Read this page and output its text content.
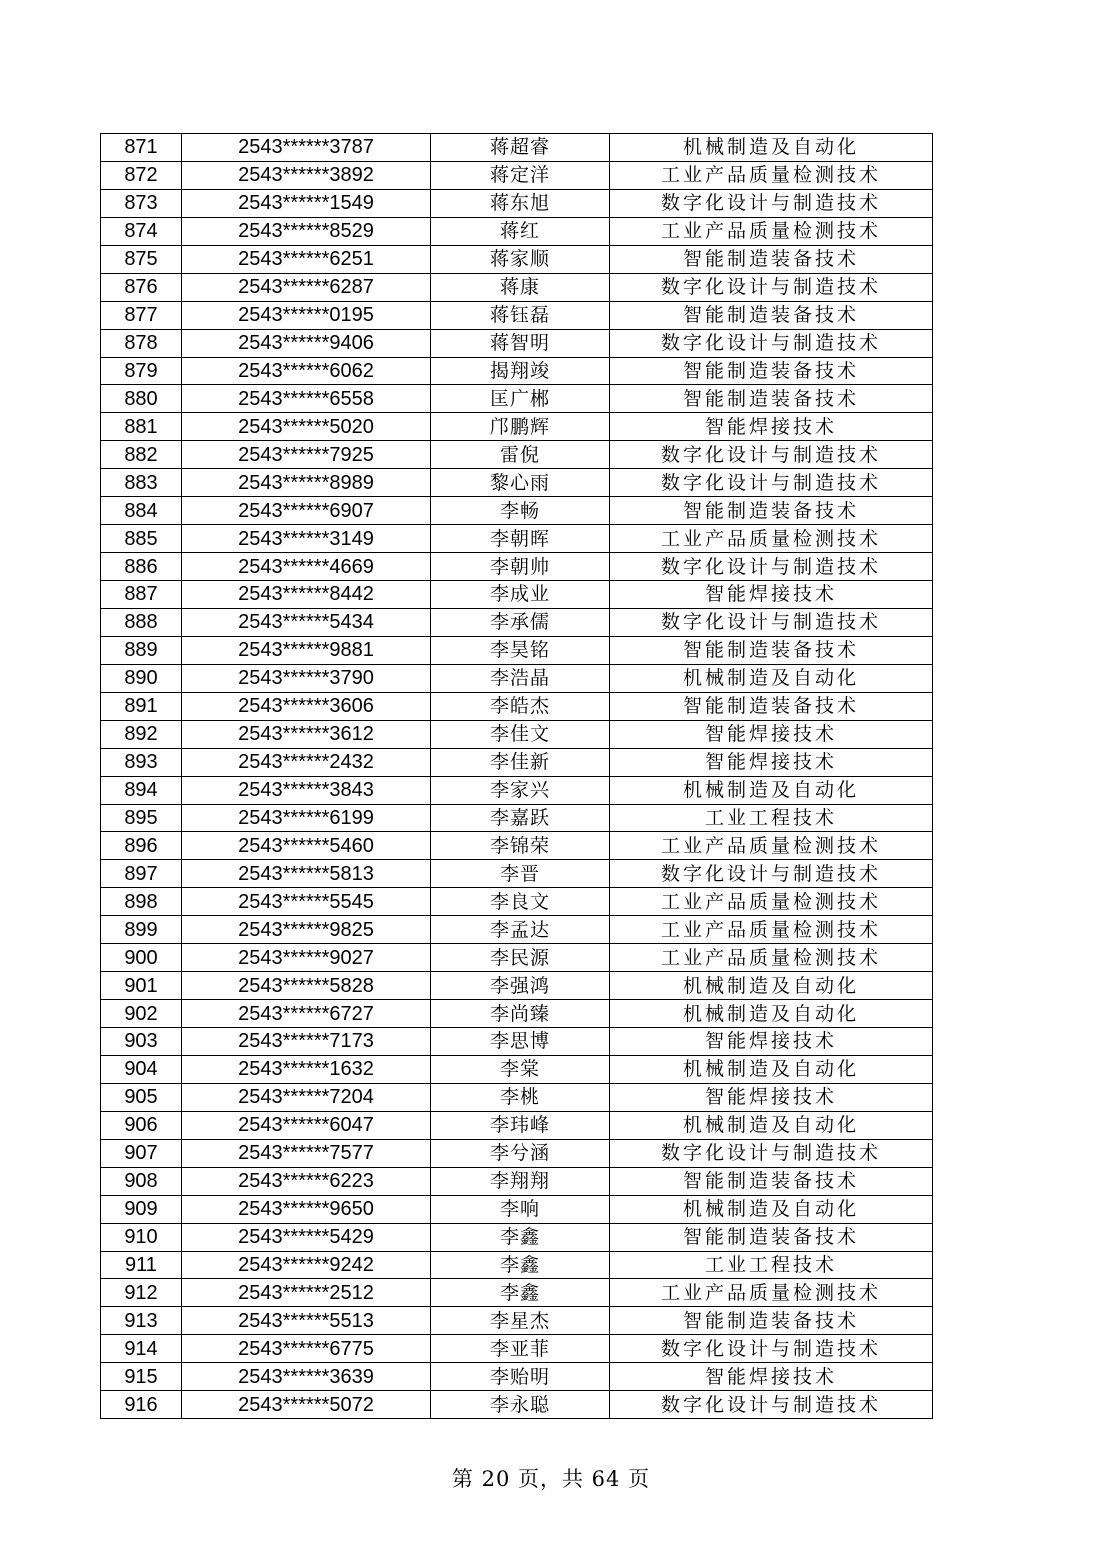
871	2543******3787	蒋超睿	机械制造及自动化
872	2543******3892	蒋定洋	工业产品质量检测技术
873	2543******1549	蒋东旭	数字化设计与制造技术
874	2543******8529	蒋红	工业产品质量检测技术
875	2543******6251	蒋家顺	智能制造装备技术
876	2543******6287	蒋康	数字化设计与制造技术
877	2543******0195	蒋钰磊	智能制造装备技术
878	2543******9406	蒋智明	数字化设计与制造技术
879	2543******6062	揭翔竣	智能制造装备技术
880	2543******6558	匡广郴	智能制造装备技术
881	2543******5020	邝鹏辉	智能焊接技术
882	2543******7925	雷倪	数字化设计与制造技术
883	2543******8989	黎心雨	数字化设计与制造技术
884	2543******6907	李畅	智能制造装备技术
885	2543******3149	李朝晖	工业产品质量检测技术
886	2543******4669	李朝帅	数字化设计与制造技术
887	2543******8442	李成业	智能焊接技术
888	2543******5434	李承儒	数字化设计与制造技术
889	2543******9881	李昊铭	智能制造装备技术
890	2543******3790	李浩晶	机械制造及自动化
891	2543******3606	李皓杰	智能制造装备技术
892	2543******3612	李佳文	智能焊接技术
893	2543******2432	李佳新	智能焊接技术
894	2543******3843	李家兴	机械制造及自动化
895	2543******6199	李嘉跃	工业工程技术
896	2543******5460	李锦荣	工业产品质量检测技术
897	2543******5813	李晋	数字化设计与制造技术
898	2543******5545	李良文	工业产品质量检测技术
899	2543******9825	李孟达	工业产品质量检测技术
900	2543******9027	李民源	工业产品质量检测技术
901	2543******5828	李强鸿	机械制造及自动化
902	2543******6727	李尚臻	机械制造及自动化
903	2543******7173	李思博	智能焊接技术
904	2543******1632	李棠	机械制造及自动化
905	2543******7204	李桃	智能焊接技术
906	2543******6047	李玮峰	机械制造及自动化
907	2543******7577	李兮涵	数字化设计与制造技术
908	2543******6223	李翔翔	智能制造装备技术
909	2543******9650	李响	机械制造及自动化
910	2543******5429	李鑫	智能制造装备技术
911	2543******9242	李鑫	工业工程技术
912	2543******2512	李鑫	工业产品质量检测技术
913	2543******5513	李星杰	智能制造装备技术
914	2543******6775	李亚菲	数字化设计与制造技术
915	2543******3639	李贻明	智能焊接技术
916	2543******5072	李永聪	数字化设计与制造技术
第 20 页，共 64 页
